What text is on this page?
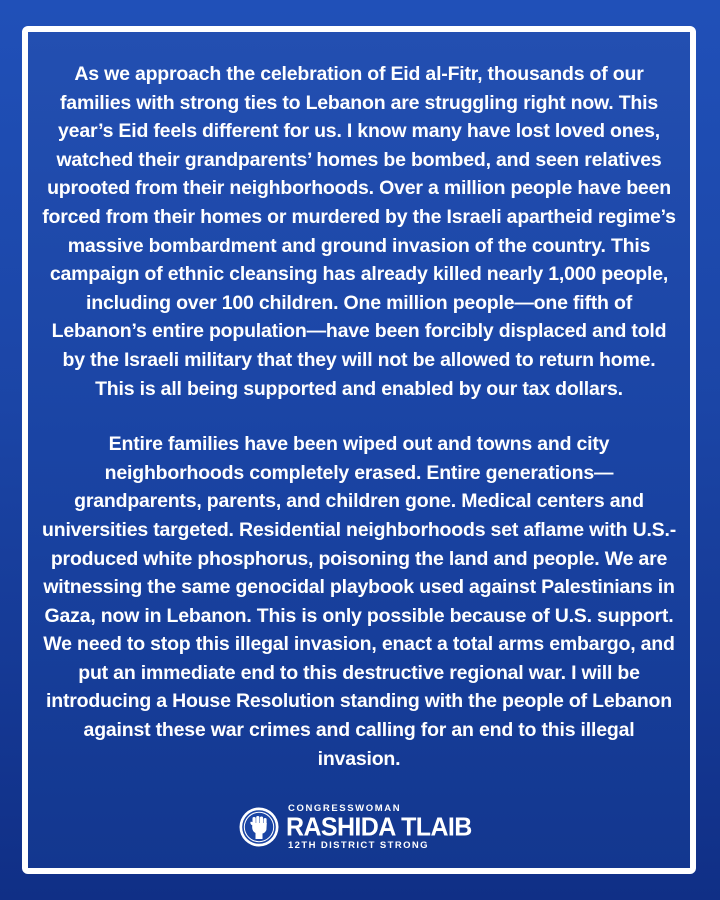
As we approach the celebration of Eid al-Fitr, thousands of our families with strong ties to Lebanon are struggling right now. This year’s Eid feels different for us. I know many have lost loved ones, watched their grandparents’ homes be bombed, and seen relatives uprooted from their neighborhoods. Over a million people have been forced from their homes or murdered by the Israeli apartheid regime’s massive bombardment and ground invasion of the country. This campaign of ethnic cleansing has already killed nearly 1,000 people, including over 100 children. One million people—one fifth of Lebanon’s entire population—have been forcibly displaced and told by the Israeli military that they will not be allowed to return home. This is all being supported and enabled by our tax dollars.

Entire families have been wiped out and towns and city neighborhoods completely erased. Entire generations—grandparents, parents, and children gone. Medical centers and universities targeted. Residential neighborhoods set aflame with U.S.-produced white phosphorus, poisoning the land and people. We are witnessing the same genocidal playbook used against Palestinians in Gaza, now in Lebanon. This is only possible because of U.S. support. We need to stop this illegal invasion, enact a total arms embargo, and put an immediate end to this destructive regional war. I will be introducing a House Resolution standing with the people of Lebanon against these war crimes and calling for an end to this illegal invasion.

CONGRESSWOMAN
RASHIDA TLAIB
12TH DISTRICT STRONG
